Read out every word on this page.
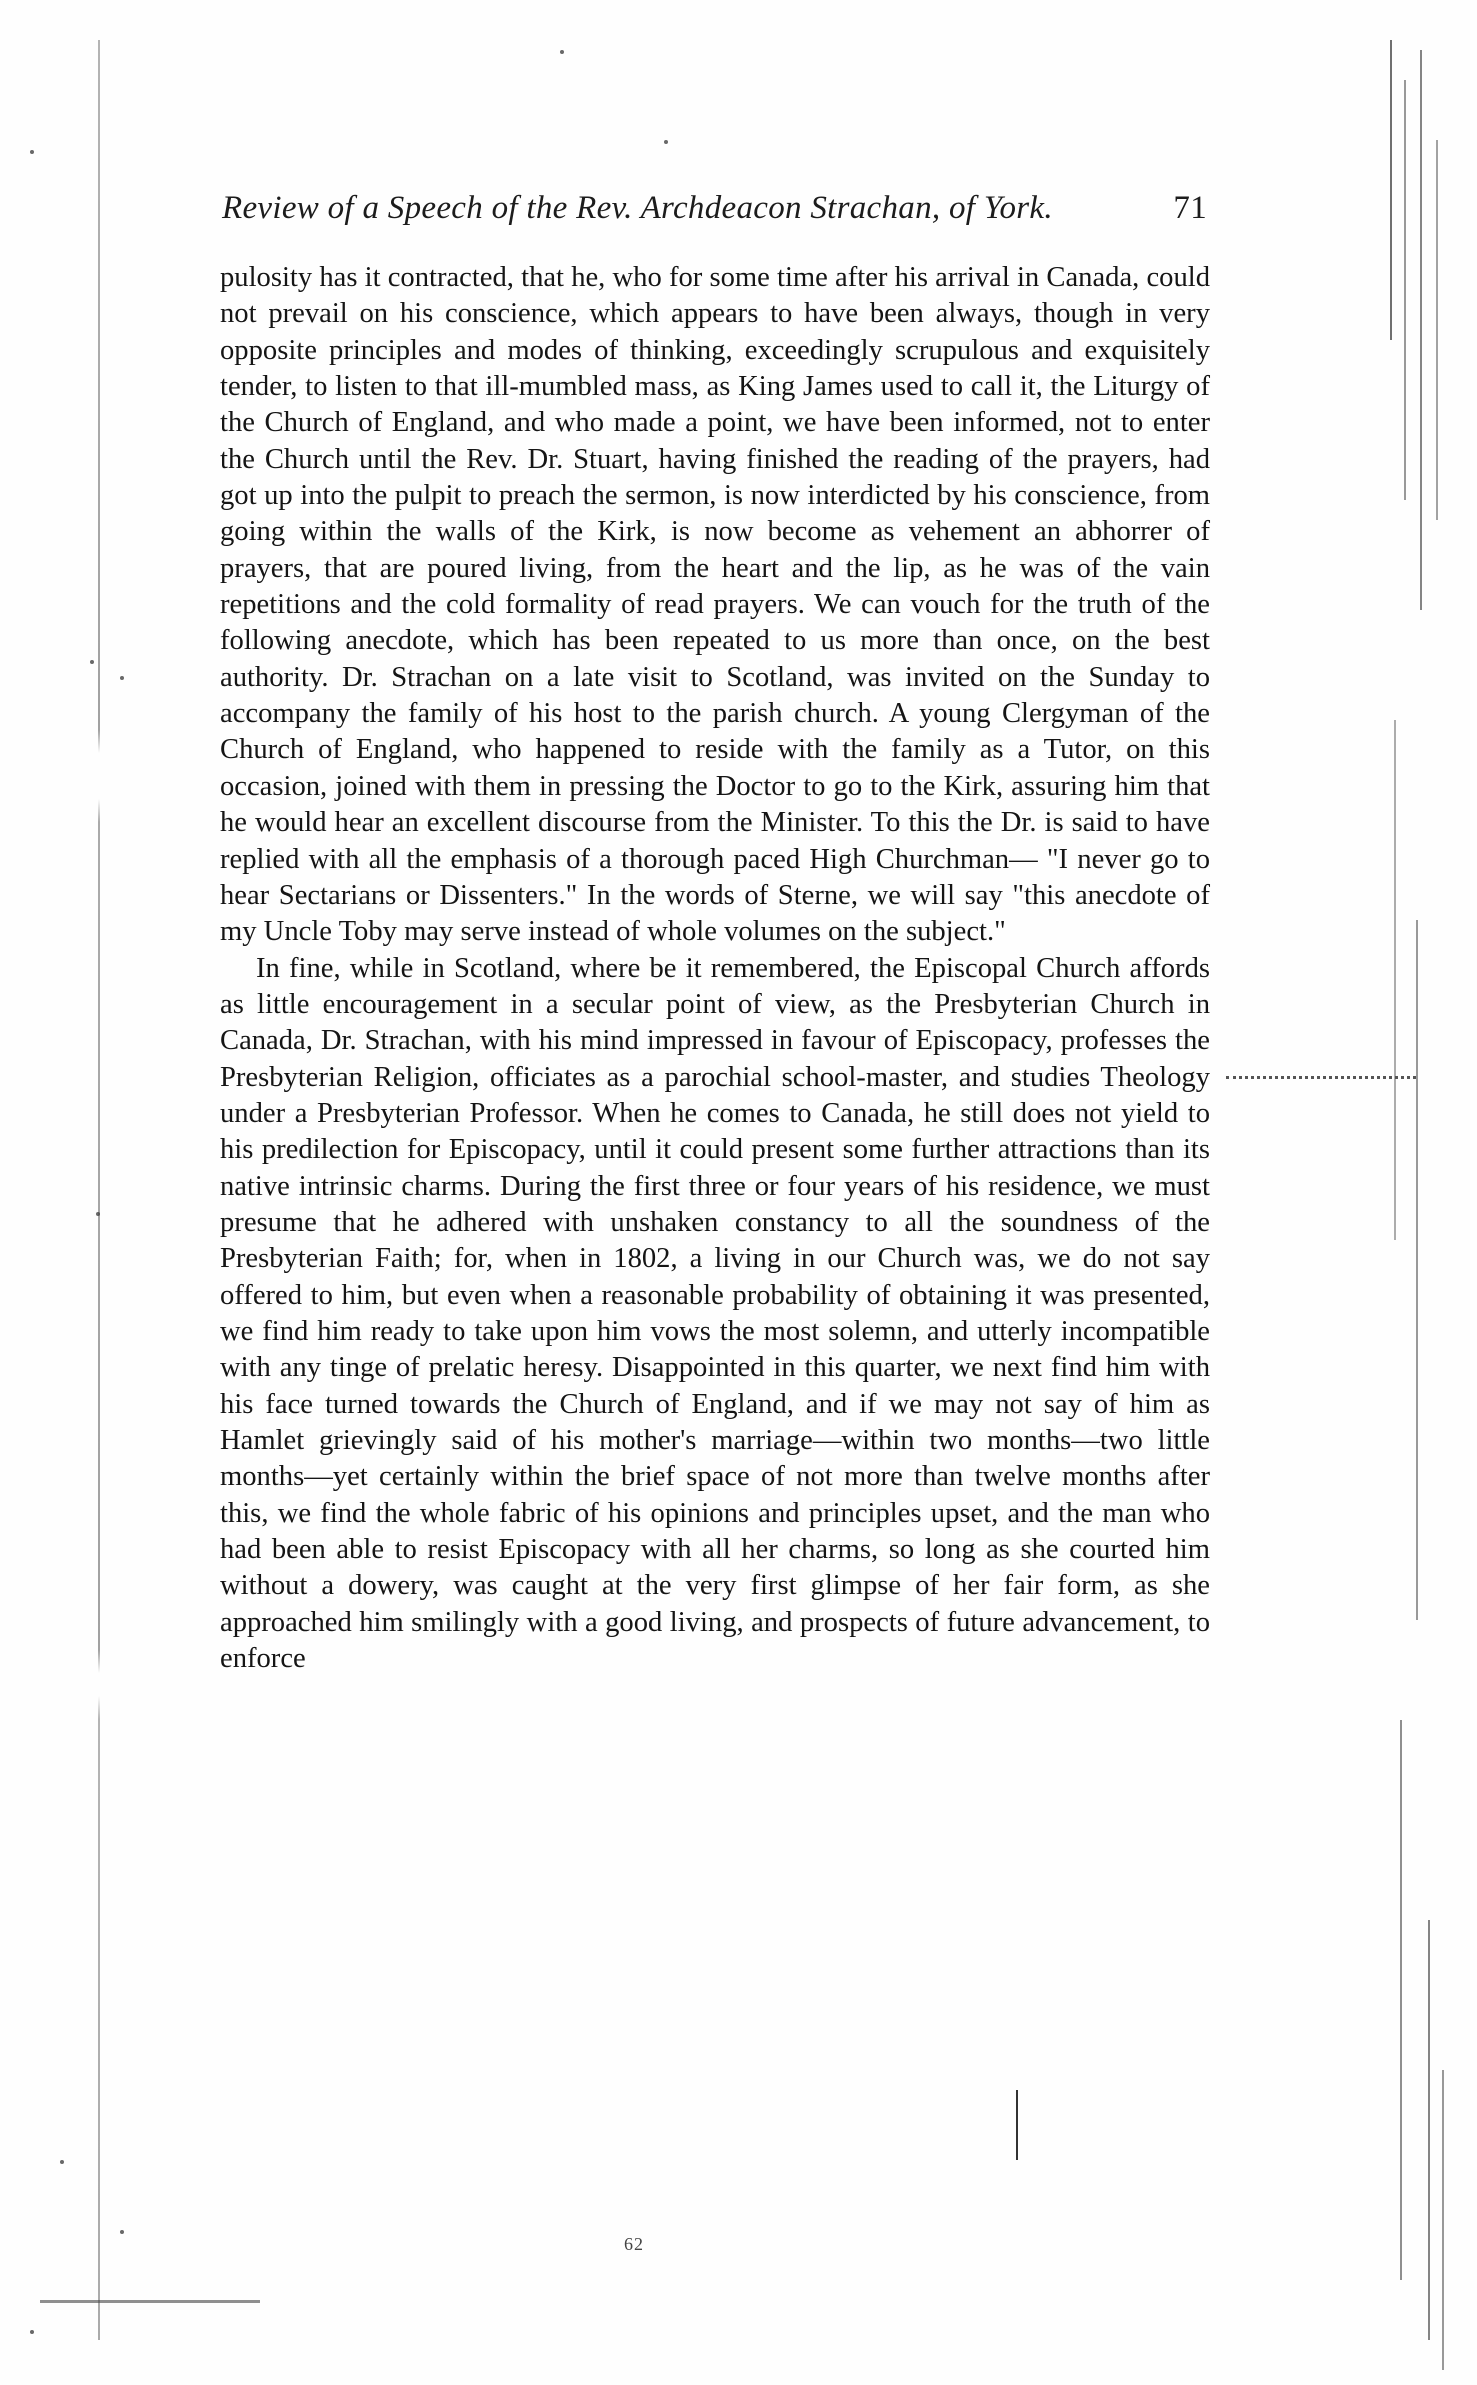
Review of a Speech of the Rev. Archdeacon Strachan, of York.	71

pulosity has it contracted, that he, who for some time after his arrival in Canada, could not prevail on his conscience, which appears to have been always, though in very opposite principles and modes of thinking, exceedingly scrupulous and exquisitely tender, to listen to that ill-mumbled mass, as King James used to call it, the Liturgy of the Church of England, and who made a point, we have been informed, not to enter the Church until the Rev. Dr. Stuart, having finished the reading of the prayers, had got up into the pulpit to preach the sermon, is now interdicted by his conscience, from going within the walls of the Kirk, is now become as vehement an abhorrer of prayers, that are poured living, from the heart and the lip, as he was of the vain repetitions and the cold formality of read prayers. We can vouch for the truth of the following anecdote, which has been repeated to us more than once, on the best authority. Dr. Strachan on a late visit to Scotland, was invited on the Sunday to accompany the family of his host to the parish church. A young Clergyman of the Church of England, who happened to reside with the family as a Tutor, on this occasion, joined with them in pressing the Doctor to go to the Kirk, assuring him that he would hear an excellent discourse from the Minister. To this the Dr. is said to have replied with all the emphasis of a thorough paced High Churchman— "I never go to hear Sectarians or Dissenters." In the words of Sterne, we will say "this anecdote of my Uncle Toby may serve instead of whole volumes on the subject."

In fine, while in Scotland, where be it remembered, the Episcopal Church affords as little encouragement in a secular point of view, as the Presbyterian Church in Canada, Dr. Strachan, with his mind impressed in favour of Episcopacy, professes the Presbyterian Religion, officiates as a parochial school-master, and studies Theology under a Presbyterian Professor. When he comes to Canada, he still does not yield to his predilection for Episcopacy, until it could present some further attractions than its native intrinsic charms. During the first three or four years of his residence, we must presume that he adhered with unshaken constancy to all the soundness of the Presbyterian Faith; for, when in 1802, a living in our Church was, we do not say offered to him, but even when a reasonable probability of obtaining it was presented, we find him ready to take upon him vows the most solemn, and utterly incompatible with any tinge of prelatic heresy. Disappointed in this quarter, we next find him with his face turned towards the Church of England, and if we may not say of him as Hamlet grievingly said of his mother's marriage—within two months—two little months—yet certainly within the brief space of not more than twelve months after this, we find the whole fabric of his opinions and principles upset, and the man who had been able to resist Episcopacy with all her charms, so long as she courted him without a dowery, was caught at the very first glimpse of her fair form, as she approached him smilingly with a good living, and prospects of future advancement, to enforce

62
